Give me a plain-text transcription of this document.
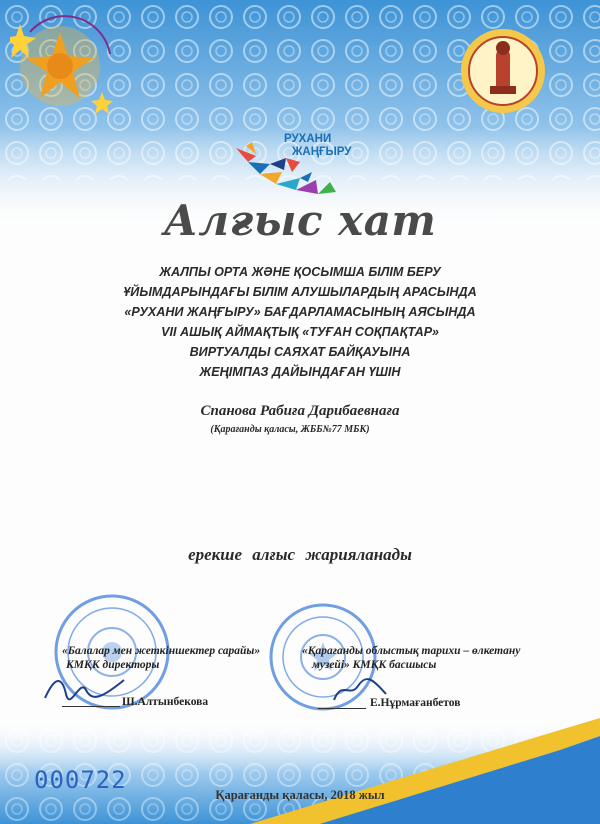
РУХАНИ
ЖАҢҒЫРУ
Алғыс хат
ЖАЛПЫ ОРТА ЖӘНЕ ҚОСЫМША БІЛІМ БЕРУ
ҰЙЫМДАРЫНДАҒЫ БІЛІМ АЛУШЫЛАРДЫҢ АРАСЫНДА
«РУХАНИ ЖАҢҒЫРУ» БАҒДАРЛАМАСЫНЫҢ АЯСЫНДА
VII АШЫҚ АЙМАҚТЫҚ «ТУҒАН СОҚПАҚТАР»
ВИРТУАЛДЫ САЯХАТ БАЙҚАУЫНА
ЖЕҢІМПАЗ ДАЙЫНДАҒАН ҮШІН
Спанова Рабиға Дарибаевнаға
(Қарағанды қаласы, ЖББ№77 МБК)
ерекше алғыс жарияланады
«Балалар мен жеткіншектер сарайы»
КМҚК директоры
Ш.Алтынбекова
«Қарағанды облыстық тарихи – өлкетану
музейі» КМҚК басшысы
Е.Нұрмағанбетов
000722
Қарағанды қаласы, 2018 жыл
